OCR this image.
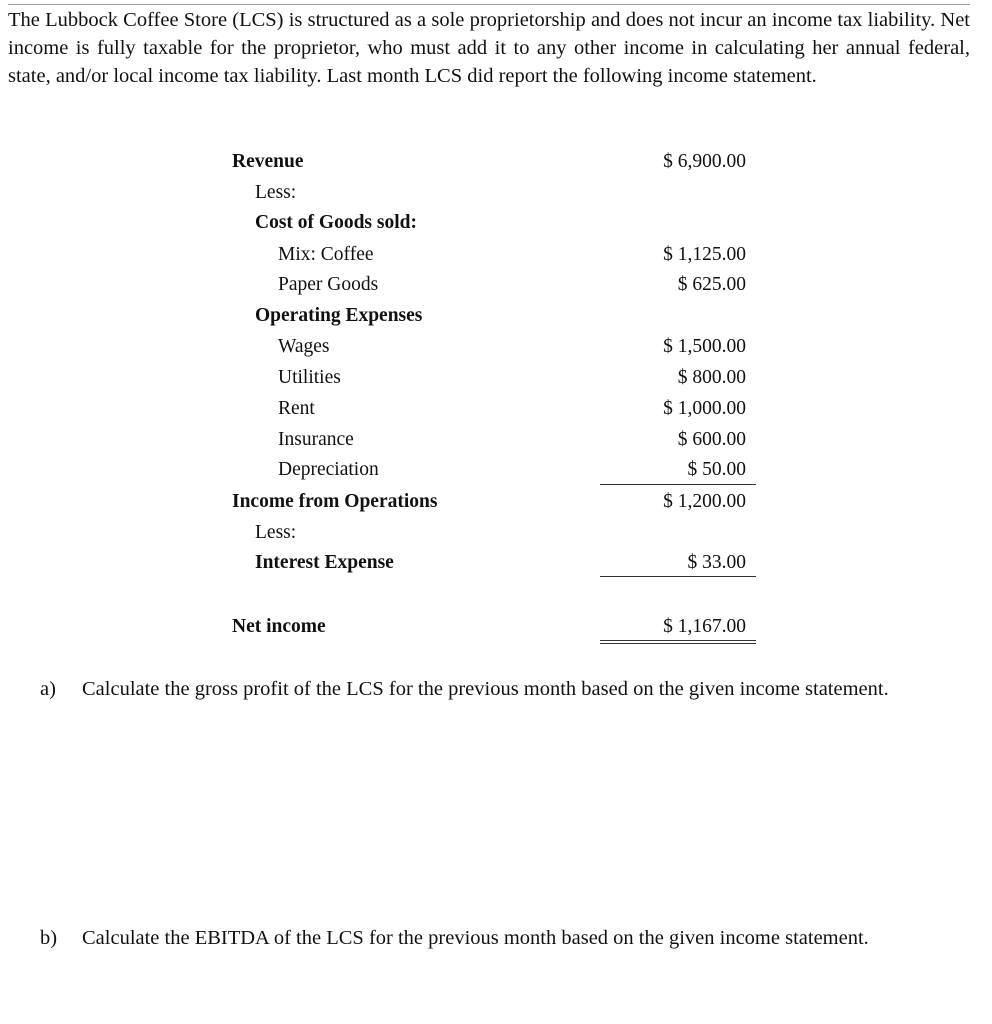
The Lubbock Coffee Store (LCS) is structured as a sole proprietorship and does not incur an income tax liability. Net income is fully taxable for the proprietor, who must add it to any other income in calculating her annual federal, state, and/or local income tax liability. Last month LCS did report the following income statement.

Revenue	$ 6,900.00
Less:
Cost of Goods sold:
Mix: Coffee	$ 1,125.00
Paper Goods	$ 625.00
Operating Expenses
Wages	$ 1,500.00
Utilities	$ 800.00
Rent	$ 1,000.00
Insurance	$ 600.00
Depreciation	$ 50.00
Income from Operations	$ 1,200.00
Less:
Interest Expense	$ 33.00
Net income	$ 1,167.00
a) Calculate the gross profit of the LCS for the previous month based on the given income statement.
b) Calculate the EBITDA of the LCS for the previous month based on the given income statement.
